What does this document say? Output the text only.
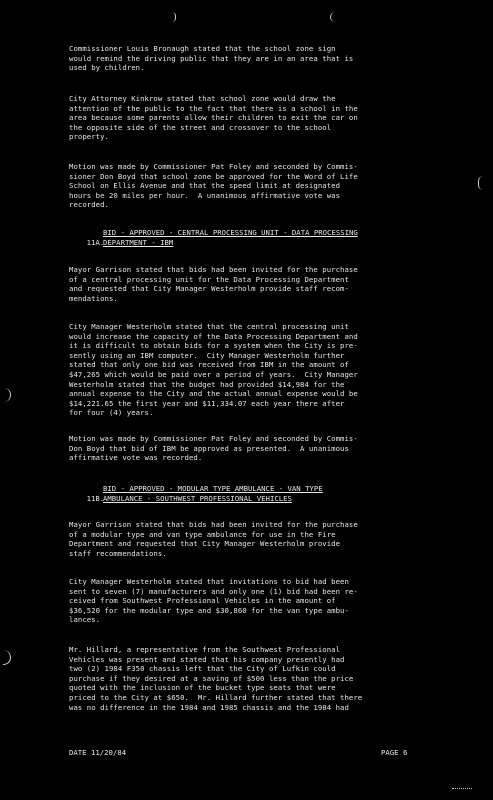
Commissioner Louis Bronaugh stated that the school zone sign
would remind the driving public that they are in an area that is
used by children.
City Attorney Kinkrow stated that school zone would draw the
attention of the public to the fact that there is a school in the
area because some parents allow their children to exit the car on
the opposite side of the street and crossover to the school
property.
Motion was made by Commissioner Pat Foley and seconded by Commis-
sioner Don Boyd that school zone be approved for the Word of Life
School on Ellis Avenue and that the speed limit at designated
hours be 20 miles per hour.  A unanimous affirmative vote was
recorded.

11A.

BID - APPROVED - CENTRAL PROCESSING UNIT - DATA PROCESSING
DEPARTMENT - IBM

Mayor Garrison stated that bids had been invited for the purchase
of a central processing unit for the Data Processing Department
and requested that City Manager Westerholm provide staff recom-
mendations.
City Manager Westerholm stated that the central processing unit
would increase the capacity of the Data Processing Department and
it is difficult to obtain bids for a system when the City is pre-
sently using an IBM computer.  City Manager Westerholm further
stated that only one bid was received from IBM in the amount of
$47,265 which would be paid over a period of years.  City Manager
Westerholm stated that the budget had provided $14,984 for the
annual expense to the City and the actual annual expense would be
$14,221.65 the first year and $11,334.07 each year there after
for four (4) years.
Motion was made by Commissioner Pat Foley and seconded by Commis-
Don Boyd that bid of IBM be approved as presented.  A unanimous
affirmative vote was recorded.

11B.

BID - APPROVED - MODULAR TYPE AMBULANCE - VAN TYPE
AMBULANCE - SOUTHWEST PROFESSIONAL VEHICLES

Mayor Garrison stated that bids had been invited for the purchase
of a modular type and van type ambulance for use in the Fire
Department and requested that City Manager Westerholm provide
staff recommendations.
City Manager Westerholm stated that invitations to bid had been
sent to seven (7) manufacturers and only one (1) bid had been re-
ceived from Southwest Professional Vehicles in the amount of
$36,520 for the modular type and $30,860 for the van type ambu-
lances.
Mr. Hillard, a representative from the Southwest Professional
Vehicles was present and stated that his company presently had
two (2) 1984 F350 chassis left that the City of Lufkin could
purchase if they desired at a saving of $500 less than the price
quoted with the inclusion of the bucket type seats that were
priced to the City at $650.  Mr. Hillard further stated that there
was no difference in the 1984 and 1985 chassis and the 1984 had
DATE 11/20/84	PAGE 6
